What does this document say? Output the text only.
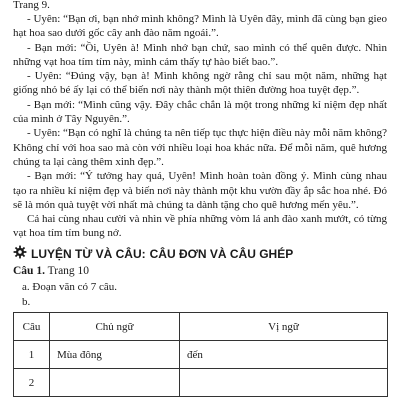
Trang 9.

- Uyên: “Bạn ơi, bạn nhớ mình không? Mình là Uyên đây, mình đã cùng bạn gieo hạt hoa sao dưới gốc cây anh đào năm ngoái.”.

- Bạn mới: “Ồi, Uyên à! Mình nhớ bạn chứ, sao mình có thể quên được. Nhìn những vạt hoa tím tím này, mình cảm thấy tự hào biết bao.”.

- Uyên: “Đúng vậy, bạn à! Mình không ngờ rằng chỉ sau một năm, những hạt giống nhỏ bé ấy lại có thể biến nơi này thành một thiên đường hoa tuyệt đẹp.”.

- Bạn mới: “Mình cũng vậy. Đây chắc chắn là một trong những kỉ niệm đẹp nhất của mình ở Tây Nguyên.”.

- Uyên: “Bạn có nghĩ là chúng ta nên tiếp tục thực hiện điều này mỗi năm không? Không chỉ với hoa sao mà còn với nhiều loại hoa khác nữa. Để mỗi năm, quê hương chúng ta lại càng thêm xinh đẹp.”.

- Bạn mới: “Ý tưởng hay quá, Uyên! Mình hoàn toàn đồng ý. Mình cùng nhau tạo ra nhiều kỉ niệm đẹp và biến nơi này thành một khu vườn đầy ắp sắc hoa nhé. Đó sẽ là món quà tuyệt vời nhất mà chúng ta dành tặng cho quê hương mến yêu.”.

Cả hai cùng nhau cười và nhìn về phía những vòm lá anh đào xanh mướt, có từng vạt hoa tím tím bung nở.

LUYỆN TỪ VÀ CÂU: CÂU ĐƠN VÀ CÂU GHÉP

Câu 1. Trang 10

a. Đoạn văn có 7 câu.

b.

Câu	Chủ ngữ	Vị ngữ
1	Mùa đông	đến
2		
